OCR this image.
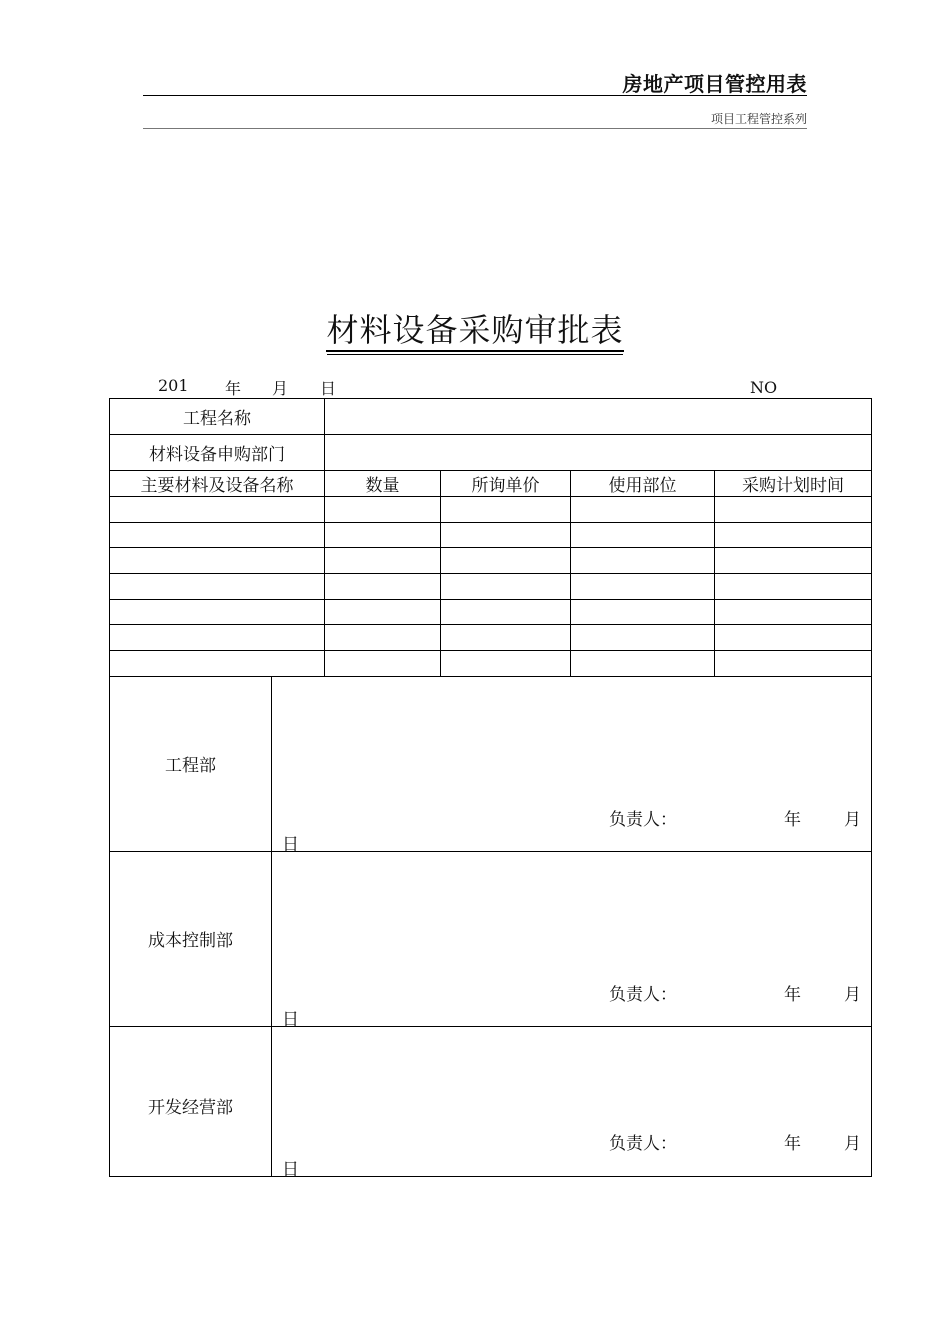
房地产项目管控用表
项目工程管控系列
材料设备采购审批表
201 年 月 日	NO
工程名称					
材料设备申购部门					
主要材料及设备名称		数量	所询单价	使用部位	采购计划时间

工程部	负责人： 年 月
日				

成本控制部	负责人： 年 月
日				

开发经营部	负责人： 年 月
日				
